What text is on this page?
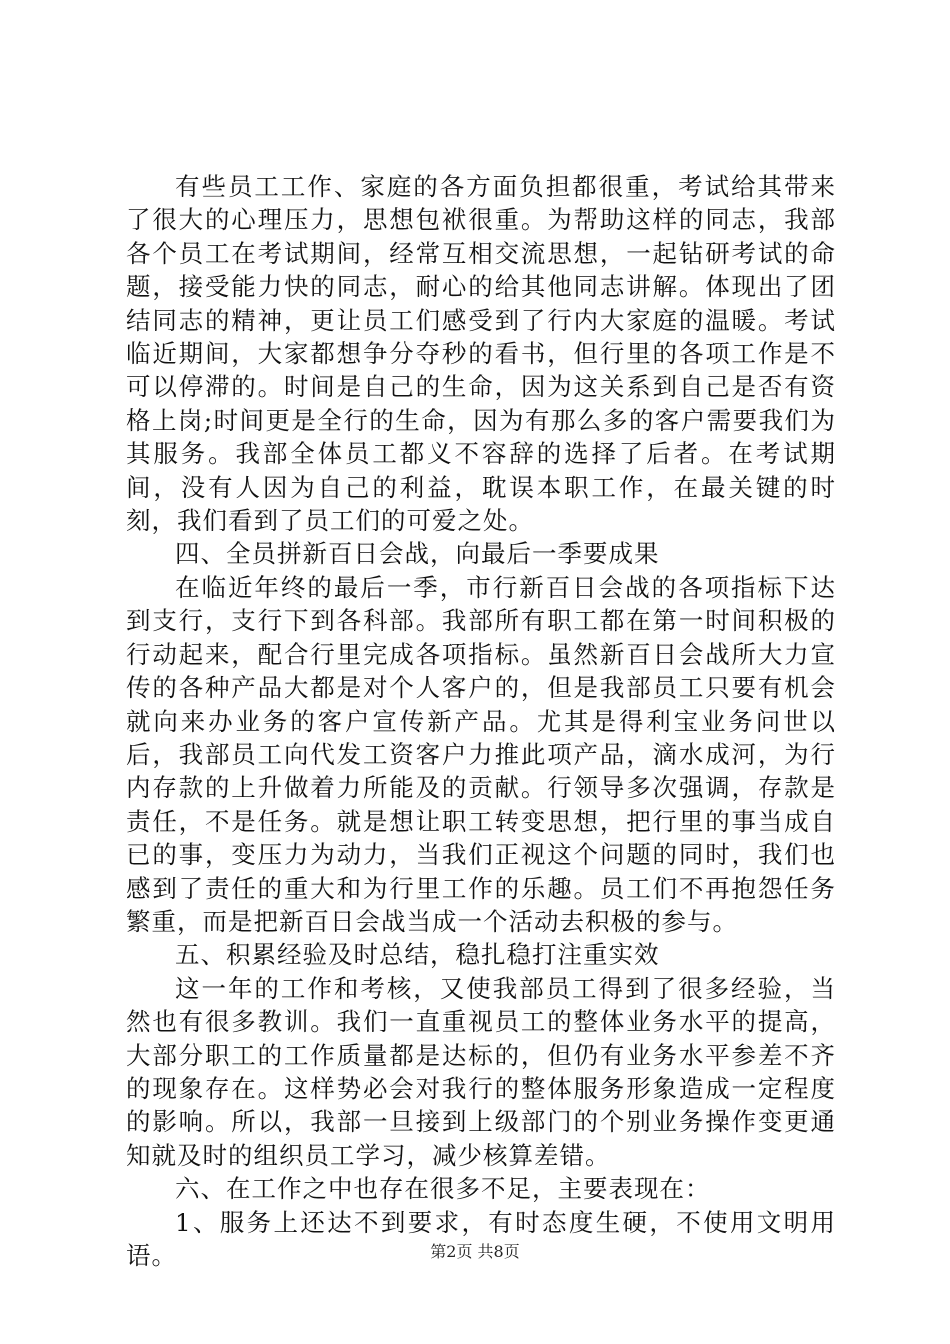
有些员工工作、家庭的各方面负担都很重，考试给其带来了很大的心理压力，思想包袱很重。为帮助这样的同志，我部各个员工在考试期间，经常互相交流思想，一起钻研考试的命题，接受能力快的同志，耐心的给其他同志讲解。体现出了团结同志的精神，更让员工们感受到了行内大家庭的温暖。考试临近期间，大家都想争分夺秒的看书，但行里的各项工作是不可以停滞的。时间是自己的生命，因为这关系到自己是否有资格上岗;时间更是全行的生命，因为有那么多的客户需要我们为其服务。我部全体员工都义不容辞的选择了后者。在考试期间，没有人因为自己的利益，耽误本职工作，在最关键的时刻，我们看到了员工们的可爱之处。

四、全员拼新百日会战，向最后一季要成果

在临近年终的最后一季，市行新百日会战的各项指标下达到支行，支行下到各科部。我部所有职工都在第一时间积极的行动起来，配合行里完成各项指标。虽然新百日会战所大力宣传的各种产品大都是对个人客户的，但是我部员工只要有机会就向来办业务的客户宣传新产品。尤其是得利宝业务问世以后，我部员工向代发工资客户力推此项产品，滴水成河，为行内存款的上升做着力所能及的贡献。行领导多次强调，存款是责任，不是任务。就是想让职工转变思想，把行里的事当成自已的事，变压力为动力，当我们正视这个问题的同时，我们也感到了责任的重大和为行里工作的乐趣。员工们不再抱怨任务繁重，而是把新百日会战当成一个活动去积极的参与。

五、积累经验及时总结，稳扎稳打注重实效

这一年的工作和考核，又使我部员工得到了很多经验，当然也有很多教训。我们一直重视员工的整体业务水平的提高，大部分职工的工作质量都是达标的，但仍有业务水平参差不齐的现象存在。这样势必会对我行的整体服务形象造成一定程度的影响。所以，我部一旦接到上级部门的个别业务操作变更通知就及时的组织员工学习，减少核算差错。

六、在工作之中也存在很多不足，主要表现在：

1、服务上还达不到要求，有时态度生硬，不使用文明用语。	第2页 共8页
